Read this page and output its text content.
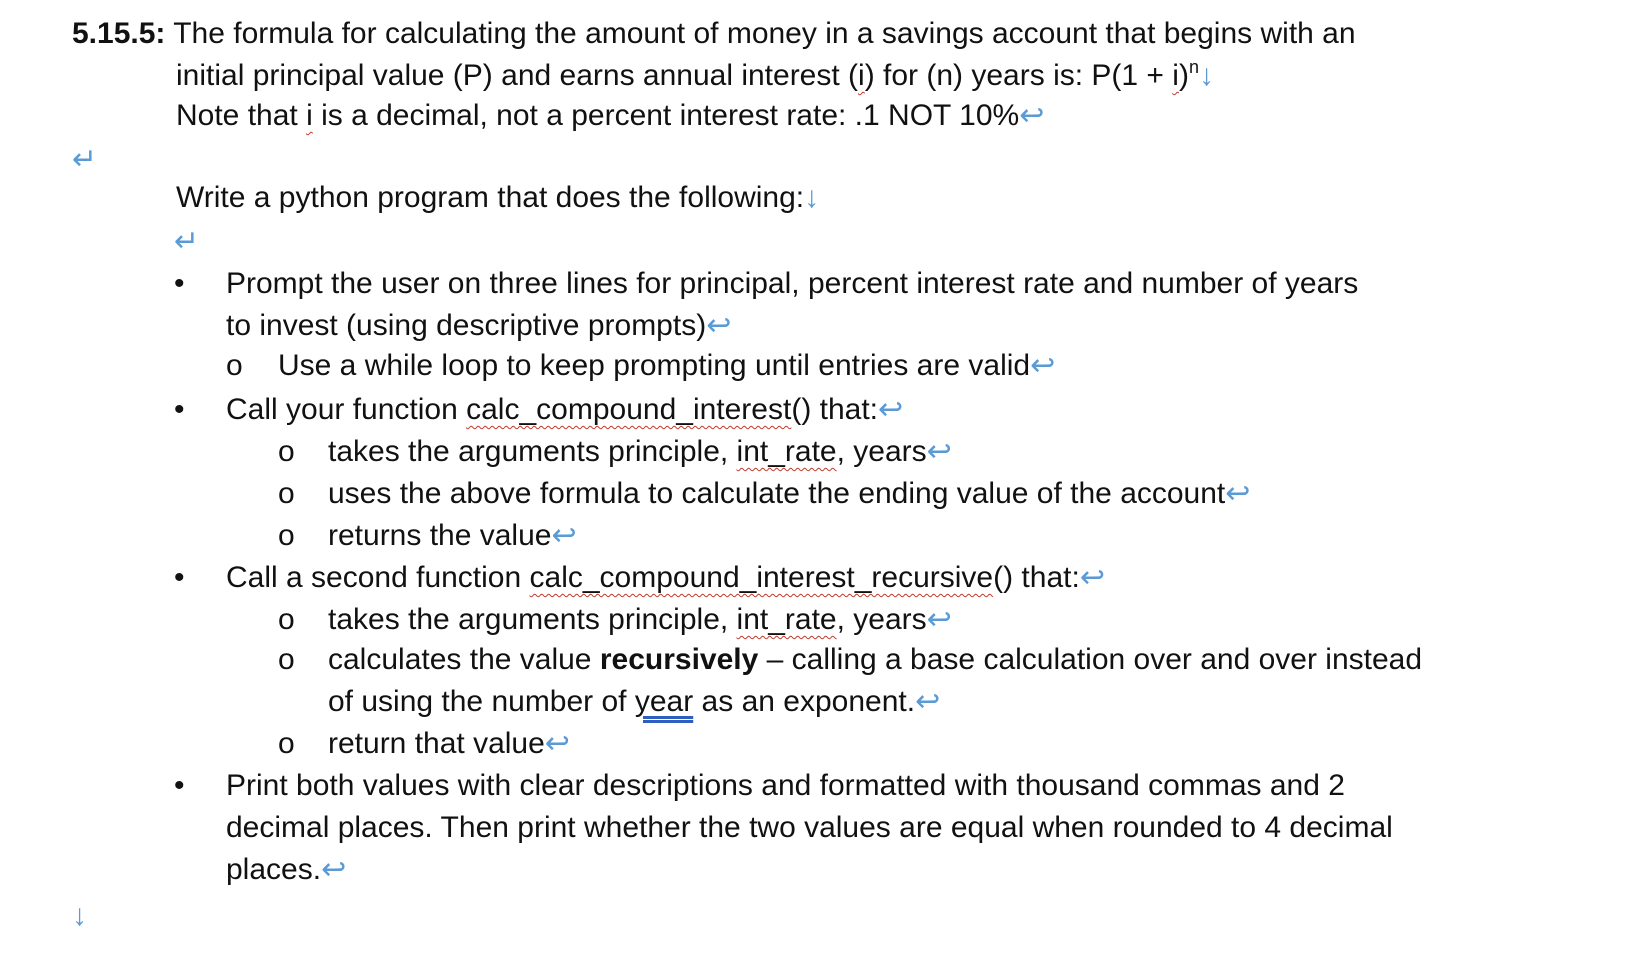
5.15.5: The formula for calculating the amount of money in a savings account that begins with an
initial principal value (P) and earns annual interest (i) for (n) years is: $P(1 + i)^n↓$
Note that i is a decimal, not a percent interest rate: .1 NOT 10%↩
↵
Write a python program that does the following:↓
↵
• Prompt the user on three lines for principal, percent interest rate and number of years
to invest (using descriptive prompts)↩
o Use a while loop to keep prompting until entries are valid↩
• Call your function calc_compound_interest() that:↩
o takes the arguments principle, int_rate, years↩
o uses the above formula to calculate the ending value of the account↩
o returns the value↩
• Call a second function calc_compound_interest_recursive() that:↩
o takes the arguments principle, int_rate, years↩
o calculates the value recursively – calling a base calculation over and over instead
of using the number of year as an exponent.↩
o return that value↩
• Print both values with clear descriptions and formatted with thousand commas and 2
decimal places. Then print whether the two values are equal when rounded to 4 decimal
places.↩
↓
